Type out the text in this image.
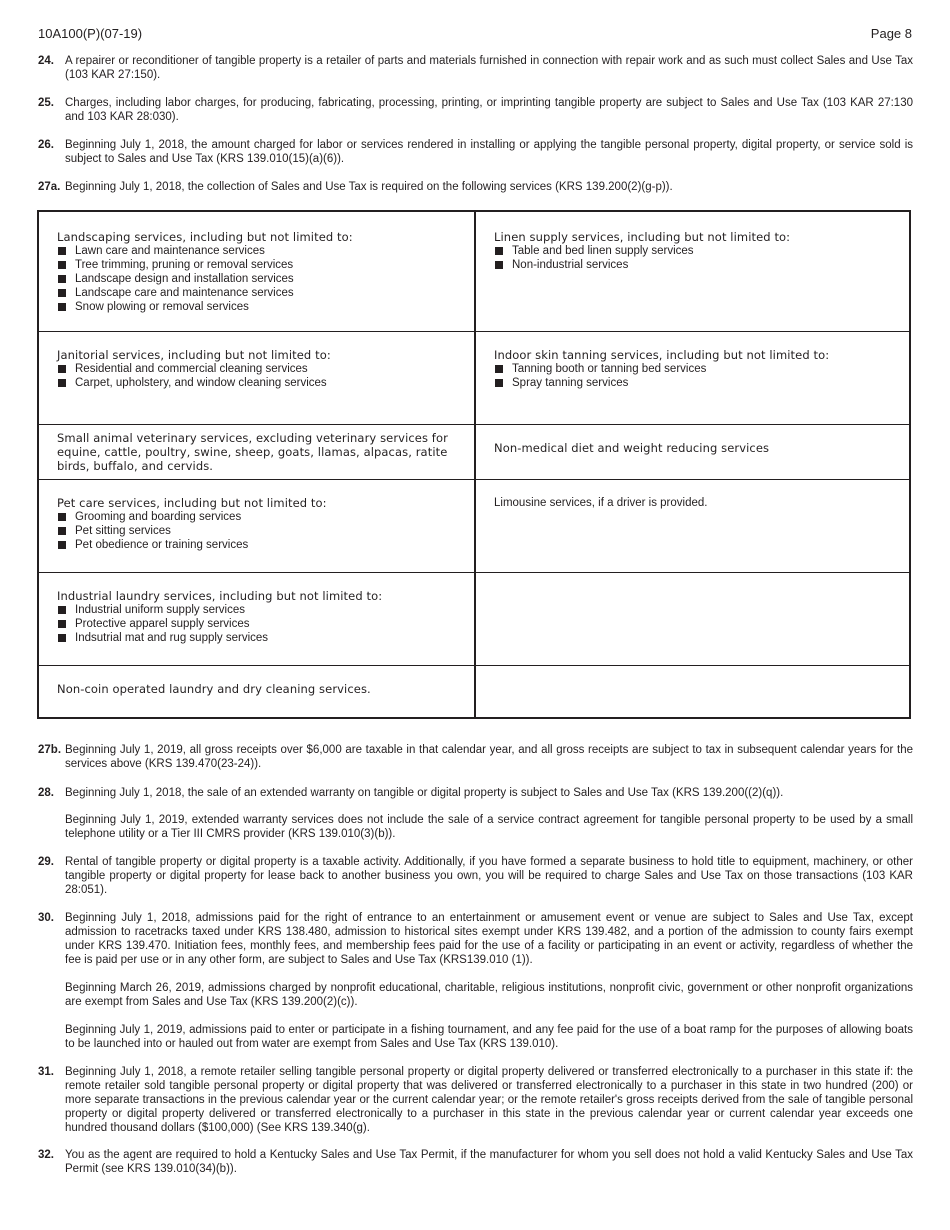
10A100(P)(07-19)	Page 8
24. A repairer or reconditioner of tangible property is a retailer of parts and materials furnished in connection with repair work and as such must collect Sales and Use Tax (103 KAR 27:150).
25. Charges, including labor charges, for producing, fabricating, processing, printing, or imprinting tangible property are subject to Sales and Use Tax (103 KAR 27:130 and 103 KAR 28:030).
26. Beginning July 1, 2018, the amount charged for labor or services rendered in installing or applying the tangible personal property, digital property, or service sold is subject to Sales and Use Tax (KRS 139.010(15)(a)(6)).
27a. Beginning July 1, 2018, the collection of Sales and Use Tax is required on the following services (KRS 139.200(2)(g-p)).
Landscaping services, including but not limited to:
Lawn care and maintenance services
Tree trimming, pruning or removal services
Landscape design and installation services
Landscape care and maintenance services
Snow plowing or removal services
Linen supply services, including but not limited to:
Table and bed linen supply services
Non-industrial services
Janitorial services, including but not limited to:
Residential and commercial cleaning services
Carpet, upholstery, and window cleaning services
Indoor skin tanning services, including but not limited to:
Tanning booth or tanning bed services
Spray tanning services
Small animal veterinary services, excluding veterinary services for equine, cattle, poultry, swine, sheep, goats, llamas, alpacas, ratite birds, buffalo, and cervids.
Non-medical diet and weight reducing services
Pet care services, including but not limited to:
Grooming and boarding services
Pet sitting services
Pet obedience or training services
Limousine services, if a driver is provided.
Industrial laundry services, including but not limited to:
Industrial uniform supply services
Protective apparel supply services
Indsutrial mat and rug supply services
Non-coin operated laundry and dry cleaning services.
27b. Beginning July 1, 2019, all gross receipts over $6,000 are taxable in that calendar year, and all gross receipts are subject to tax in subsequent calendar years for the services above (KRS 139.470(23-24)).
28. Beginning July 1, 2018, the sale of an extended warranty on tangible or digital property is subject to Sales and Use Tax (KRS 139.200((2)(q)).
Beginning July 1, 2019, extended warranty services does not include the sale of a service contract agreement for tangible personal property to be used by a small telephone utility or a Tier III CMRS provider (KRS 139.010(3)(b)).
29. Rental of tangible property or digital property is a taxable activity. Additionally, if you have formed a separate business to hold title to equipment, machinery, or other tangible property or digital property for lease back to another business you own, you will be required to charge Sales and Use Tax on those transactions (103 KAR 28:051).
30. Beginning July 1, 2018, admissions paid for the right of entrance to an entertainment or amusement event or venue are subject to Sales and Use Tax, except admission to racetracks taxed under KRS 138.480, admission to historical sites exempt under KRS 139.482, and a portion of the admission to county fairs exempt under KRS 139.470. Initiation fees, monthly fees, and membership fees paid for the use of a facility or participating in an event or activity, regardless of whether the fee is paid per use or in any other form, are subject to Sales and Use Tax (KRS139.010 (1)).
Beginning March 26, 2019, admissions charged by nonprofit educational, charitable, religious institutions, nonprofit civic, government or other nonprofit organizations are exempt from Sales and Use Tax (KRS 139.200(2)(c)).
Beginning July 1, 2019, admissions paid to enter or participate in a fishing tournament, and any fee paid for the use of a boat ramp for the purposes of allowing boats to be launched into or hauled out from water are exempt from Sales and Use Tax (KRS 139.010).
31. Beginning July 1, 2018, a remote retailer selling tangible personal property or digital property delivered or transferred electronically to a purchaser in this state if: the remote retailer sold tangible personal property or digital property that was delivered or transferred electronically to a purchaser in this state in two hundred (200) or more separate transactions in the previous calendar year or the current calendar year; or the remote retailer's gross receipts derived from the sale of tangible personal property or digital property delivered or transferred electronically to a purchaser in this state in the previous calendar year or current calendar year exceeds one hundred thousand dollars ($100,000) (See KRS 139.340(g).
32. You as the agent are required to hold a Kentucky Sales and Use Tax Permit, if the manufacturer for whom you sell does not hold a valid Kentucky Sales and Use Tax Permit (see KRS 139.010(34)(b)).
